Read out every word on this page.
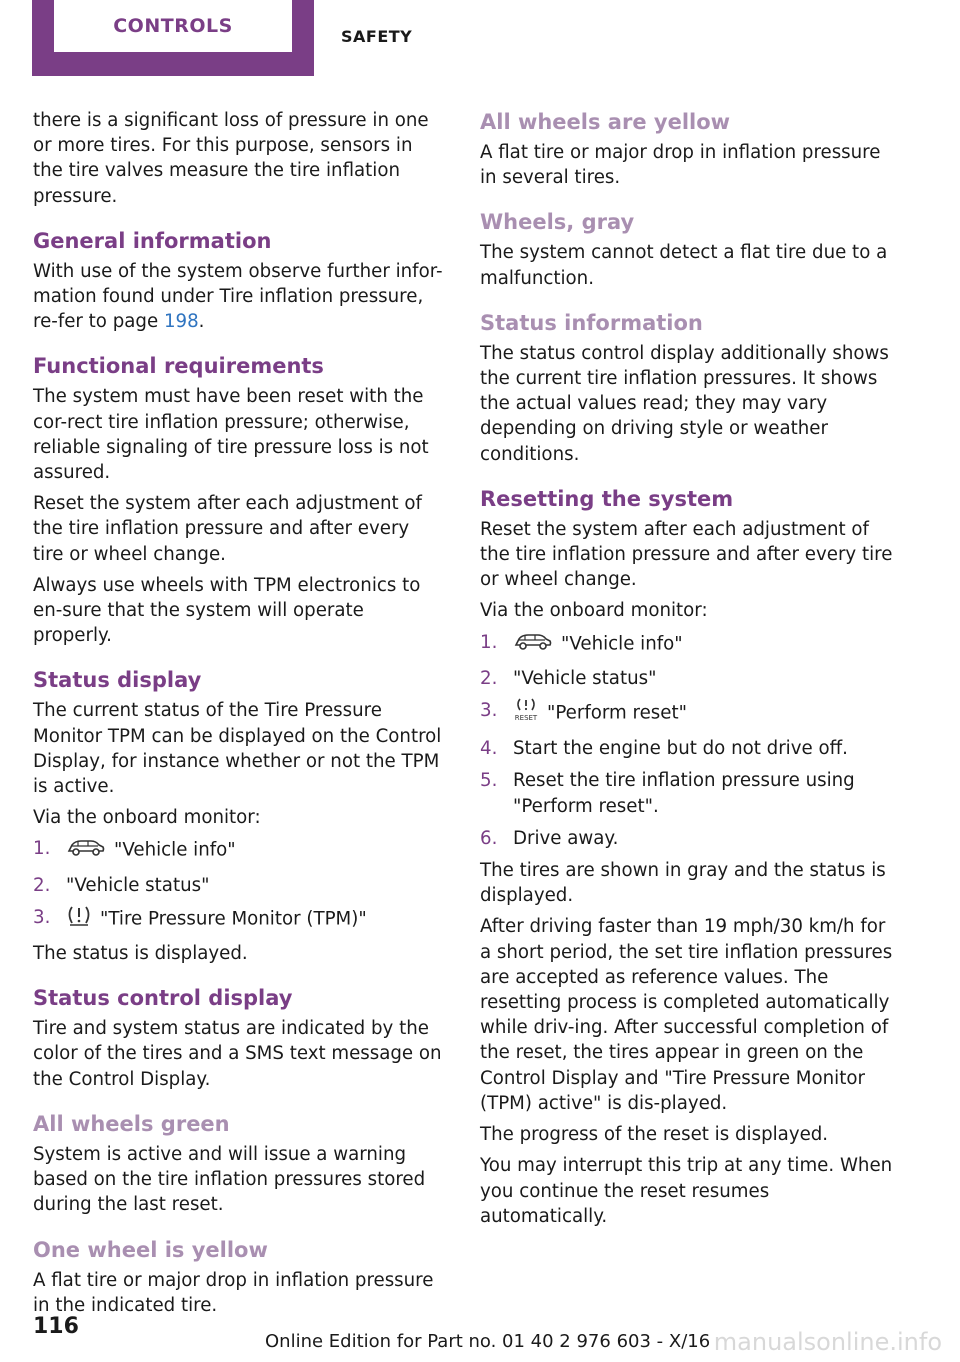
CONTROLS	SAFETY

there is a significant loss of pressure in one or more tires. For this purpose, sensors in the tire valves measure the tire inflation pressure.

General information

With use of the system observe further infor-mation found under Tire inflation pressure, re-fer to page 198.

Functional requirements

The system must have been reset with the cor-rect tire inflation pressure; otherwise, reliable signaling of tire pressure loss is not assured.

Reset the system after each adjustment of the tire inflation pressure and after every tire or wheel change.

Always use wheels with TPM electronics to en-sure that the system will operate properly.

Status display

The current status of the Tire Pressure Monitor TPM can be displayed on the Control Display, for instance whether or not the TPM is active.

Via the onboard monitor:

1.	"Vehicle info"
2. "Vehicle status"
3.	"Tire Pressure Monitor (TPM)"

The status is displayed.

Status control display

Tire and system status are indicated by the color of the tires and a SMS text message on the Control Display.

All wheels green

System is active and will issue a warning based on the tire inflation pressures stored during the last reset.

One wheel is yellow

A flat tire or major drop in inflation pressure in the indicated tire.

All wheels are yellow

A flat tire or major drop in inflation pressure in several tires.

Wheels, gray

The system cannot detect a flat tire due to a malfunction.

Status information

The status control display additionally shows the current tire inflation pressures. It shows the actual values read; they may vary depending on driving style or weather conditions.

Resetting the system

Reset the system after each adjustment of the tire inflation pressure and after every tire or wheel change.

Via the onboard monitor:

1.	"Vehicle info"
2. "Vehicle status"
3.	RESET "Perform reset"
4. Start the engine but do not drive off.
5. Reset the tire inflation pressure using "Perform reset".
6. Drive away.

The tires are shown in gray and the status is displayed.

After driving faster than 19 mph/30 km/h for a short period, the set tire inflation pressures are accepted as reference values. The resetting process is completed automatically while driv-ing. After successful completion of the reset, the tires appear in green on the Control Display and "Tire Pressure Monitor (TPM) active" is dis-played.

The progress of the reset is displayed.

You may interrupt this trip at any time. When you continue the reset resumes automatically.

116
Online Edition for Part no. 01 40 2 976 603 - X/16 manualsonline.info
